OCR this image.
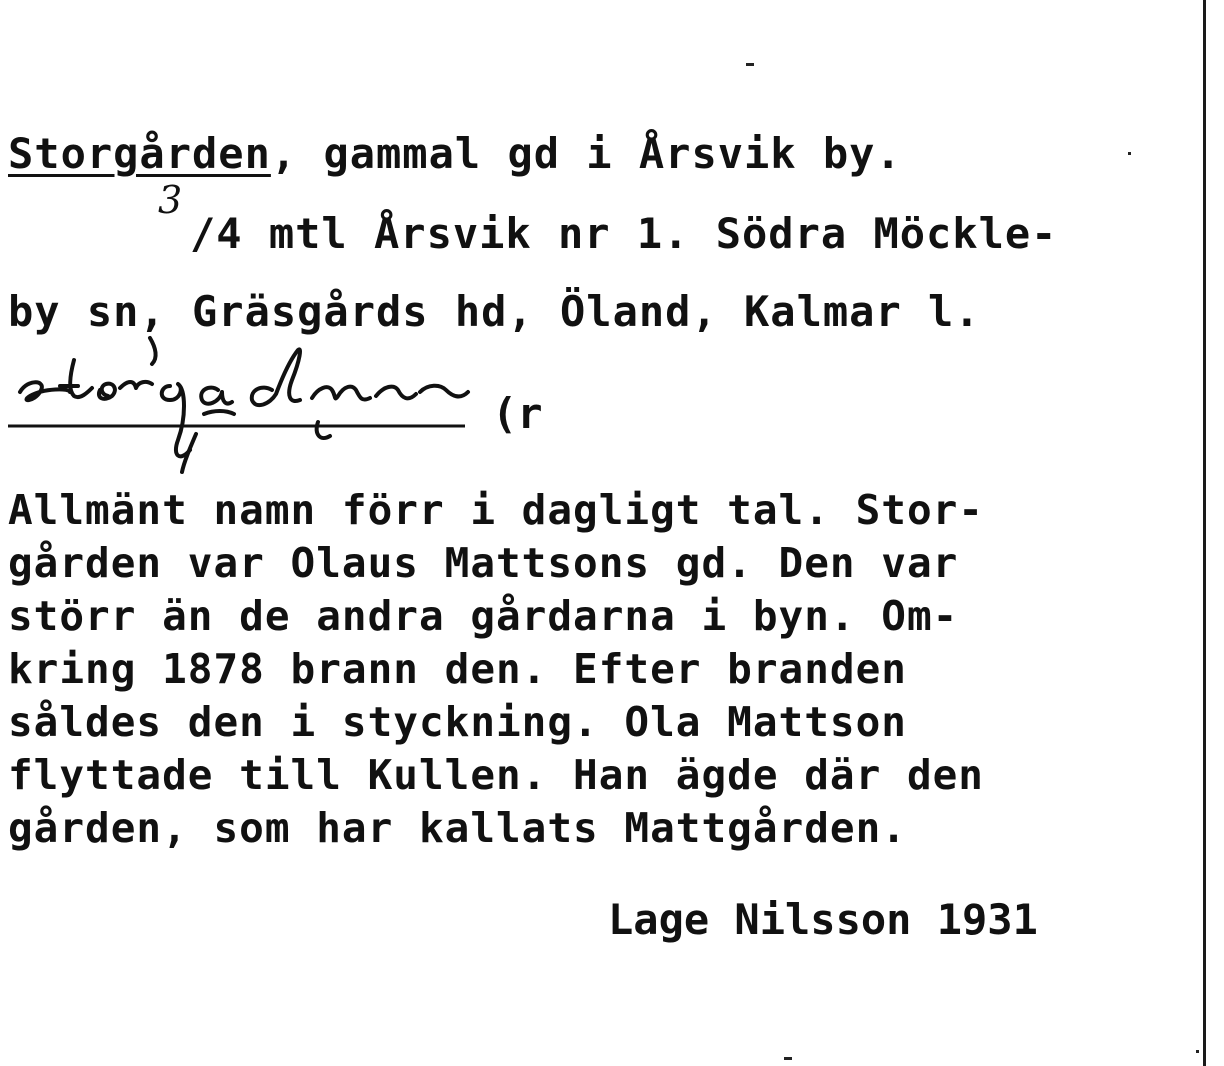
Storgården, gammal gd i Årsvik by.
3
/4 mtl Årsvik nr 1. Södra Möckle-
by sn, Gräsgårds hd, Öland, Kalmar l.
(r
Allmänt namn förr i dagligt tal. Stor-
gården var Olaus Mattsons gd. Den var
störr än de andra gårdarna i byn. Om-
kring 1878 brann den. Efter branden
såldes den i styckning. Ola Mattson
flyttade till Kullen. Han ägde där den
gården, som har kallats Mattgården.
Lage Nilsson 1931
